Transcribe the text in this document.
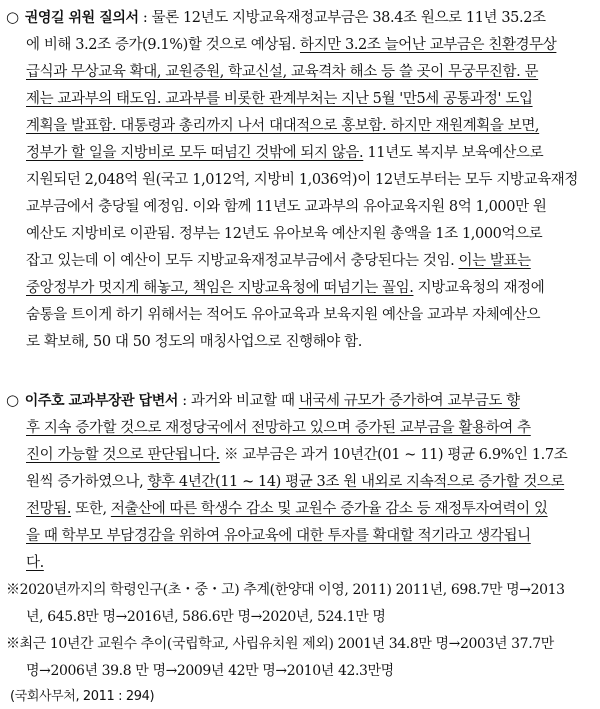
○ 권영길 위원 질의서 : 물론 12년도 지방교육재정교부금은 38.4조 원으로 11년 35.2조
에 비해 3.2조 증가(9.1%)할 것으로 예상됨. 하지만 3.2조 늘어난 교부금은 친환경무상
급식과 무상교육 확대, 교원증원, 학교신설, 교육격차 해소 등 쓸 곳이 무궁무진함. 문
제는 교과부의 태도임. 교과부를 비롯한 관계부처는 지난 5월 '만5세 공통과정' 도입
계획을 발표함. 대통령과 총리까지 나서 대대적으로 홍보함. 하지만 재원계획을 보면,
정부가 할 일을 지방비로 모두 떠넘긴 것밖에 되지 않음. 11년도 복지부 보육예산으로
지원되던 2,048억 원(국고 1,012억, 지방비 1,036억)이 12년도부터는 모두 지방교육재정
교부금에서 충당될 예정임. 이와 함께 11년도 교과부의 유아교육지원 8억 1,000만 원
예산도 지방비로 이관됨. 정부는 12년도 유아보육 예산지원 총액을 1조 1,000억으로
잡고 있는데 이 예산이 모두 지방교육재정교부금에서 충당된다는 것임. 이는 발표는
중앙정부가 멋지게 해놓고, 책임은 지방교육청에 떠넘기는 꼴임. 지방교육청의 재정에
숨통을 트이게 하기 위해서는 적어도 유아교육과 보육지원 예산을 교과부 자체예산으
로 확보해, 50 대 50 정도의 매칭사업으로 진행해야 함.
○ 이주호 교과부장관 답변서 : 과거와 비교할 때 내국세 규모가 증가하여 교부금도 향
후 지속 증가할 것으로 재정당국에서 전망하고 있으며 증가된 교부금을 활용하여 추
진이 가능할 것으로 판단됩니다. ※ 교부금은 과거 10년간(01 ~ 11) 평균 6.9%인 1.7조
원씩 증가하였으나, 향후 4년간(11 ~ 14) 평균 3조 원 내외로 지속적으로 증가할 것으로
전망됨. 또한, 저출산에 따른 학생수 감소 및 교원수 증가율 감소 등 재정투자여력이 있
을 때 학부모 부담경감을 위하여 유아교육에 대한 투자를 확대할 적기라고 생각됩니
다.
※2020년까지의 학령인구(초・중・고) 추계(한양대 이영, 2011) 2011년, 698.7만 명→2013
년, 645.8만 명→2016년, 586.6만 명→2020년, 524.1만 명
※최근 10년간 교원수 추이(국립학교, 사립유치원 제외) 2001년 34.8만 명→2003년 37.7만
명→2006년 39.8 만 명→2009년 42만 명→2010년 42.3만명
(국회사무처, 2011 : 294)
